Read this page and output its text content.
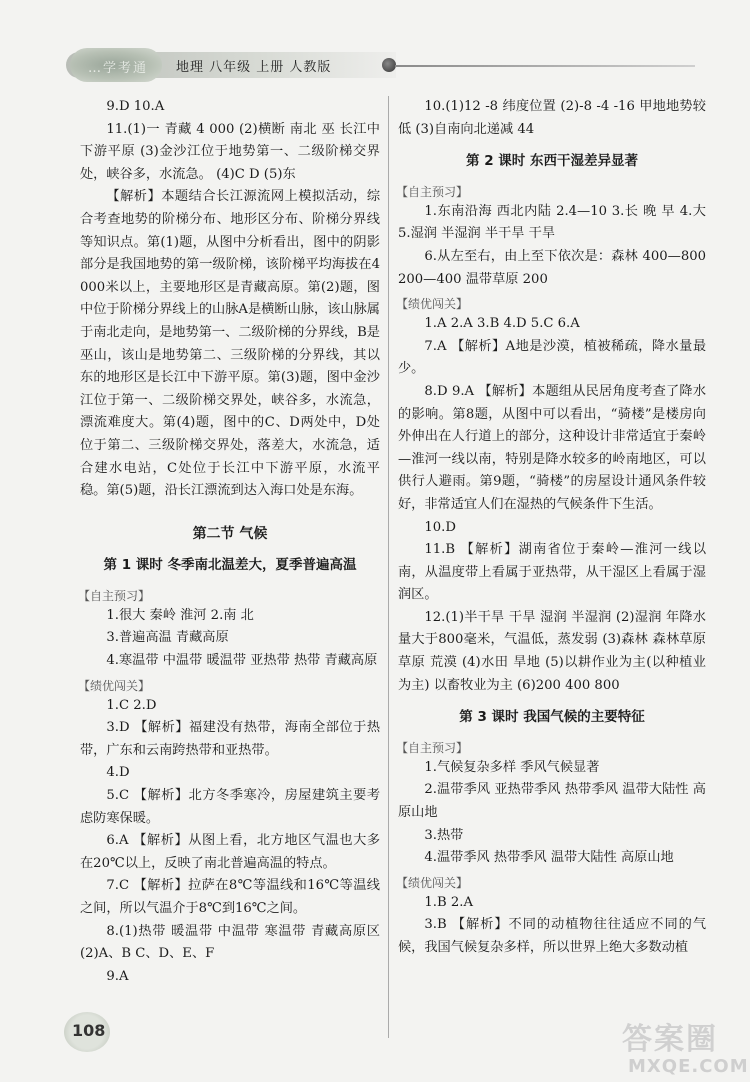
…学考通 地理 八年级 上册 人教版
9.D 10.A
11.(1)一 青藏 4 000 (2)横断 南北 巫 长江中下游平原 (3)金沙江位于地势第一、二级阶梯交界处，峡谷多，水流急。 (4)C D (5)东
【解析】本题结合长江源流网上模拟活动，综合考查地势的阶梯分布、地形区分布、阶梯分界线等知识点。第(1)题，从图中分析看出，图中的阴影部分是我国地势的第一级阶梯，该阶梯平均海拔在4 000米以上，主要地形区是青藏高原。第(2)题，图中位于阶梯分界线上的山脉A是横断山脉，该山脉属于南北走向，是地势第一、二级阶梯的分界线，B是巫山，该山是地势第二、三级阶梯的分界线，其以东的地形区是长江中下游平原。第(3)题，图中金沙江位于第一、二级阶梯交界处，峡谷多，水流急，漂流难度大。第(4)题，图中的C、D两处中，D处位于第二、三级阶梯交界处，落差大，水流急，适合建水电站，C处位于长江中下游平原，水流平稳。第(5)题，沿长江漂流到达入海口处是东海。
第二节 气候
第 1 课时 冬季南北温差大，夏季普遍高温
【自主预习】
1.很大 秦岭 淮河 2.南 北
3.普遍高温 青藏高原
4.寒温带 中温带 暖温带 亚热带 热带 青藏高原
【绩优闯关】
1.C 2.D
3.D 【解析】福建没有热带，海南全部位于热带，广东和云南跨热带和亚热带。
4.D
5.C 【解析】北方冬季寒冷，房屋建筑主要考虑防寒保暖。
6.A 【解析】从图上看，北方地区气温也大多在20℃以上，反映了南北普遍高温的特点。
7.C 【解析】拉萨在8℃等温线和16℃等温线之间，所以气温介于8℃到16℃之间。
8.(1)热带 暖温带 中温带 寒温带 青藏高原区 (2)A、B C、D、E、F
9.A
10.(1)12 -8 纬度位置 (2)-8 -4 -16 甲地地势较低 (3)自南向北递减 44
第 2 课时 东西干湿差异显著
【自主预习】
1.东南沿海 西北内陆 2.4—10 3.长 晚 早 4.大 5.湿润 半湿润 半干旱 干旱
6.从左至右，由上至下依次是：森林 400—800 200—400 温带草原 200
【绩优闯关】
1.A 2.A 3.B 4.D 5.C 6.A
7.A 【解析】A地是沙漠，植被稀疏，降水量最少。
8.D 9.A 【解析】本题组从民居角度考查了降水的影响。第8题，从图中可以看出，“骑楼”是楼房向外伸出在人行道上的部分，这种设计非常适宜于秦岭—淮河一线以南，特别是降水较多的岭南地区，可以供行人避雨。第9题，“骑楼”的房屋设计通风条件较好，非常适宜人们在湿热的气候条件下生活。
10.D
11.B 【解析】湖南省位于秦岭—淮河一线以南，从温度带上看属于亚热带，从干湿区上看属于湿润区。
12.(1)半干旱 干旱 湿润 半湿润 (2)湿润 年降水量大于800毫米，气温低，蒸发弱 (3)森林 森林草原 草原 荒漠 (4)水田 旱地 (5)以耕作业为主(以种植业为主) 以畜牧业为主 (6)200 400 800
第 3 课时 我国气候的主要特征
【自主预习】
1.气候复杂多样 季风气候显著
2.温带季风 亚热带季风 热带季风 温带大陆性 高原山地
3.热带
4.温带季风 热带季风 温带大陆性 高原山地
【绩优闯关】
1.B 2.A
3.B 【解析】不同的动植物往往适应不同的气候，我国气候复杂多样，所以世界上绝大多数动植
108	答案圈
MXQE.COM
